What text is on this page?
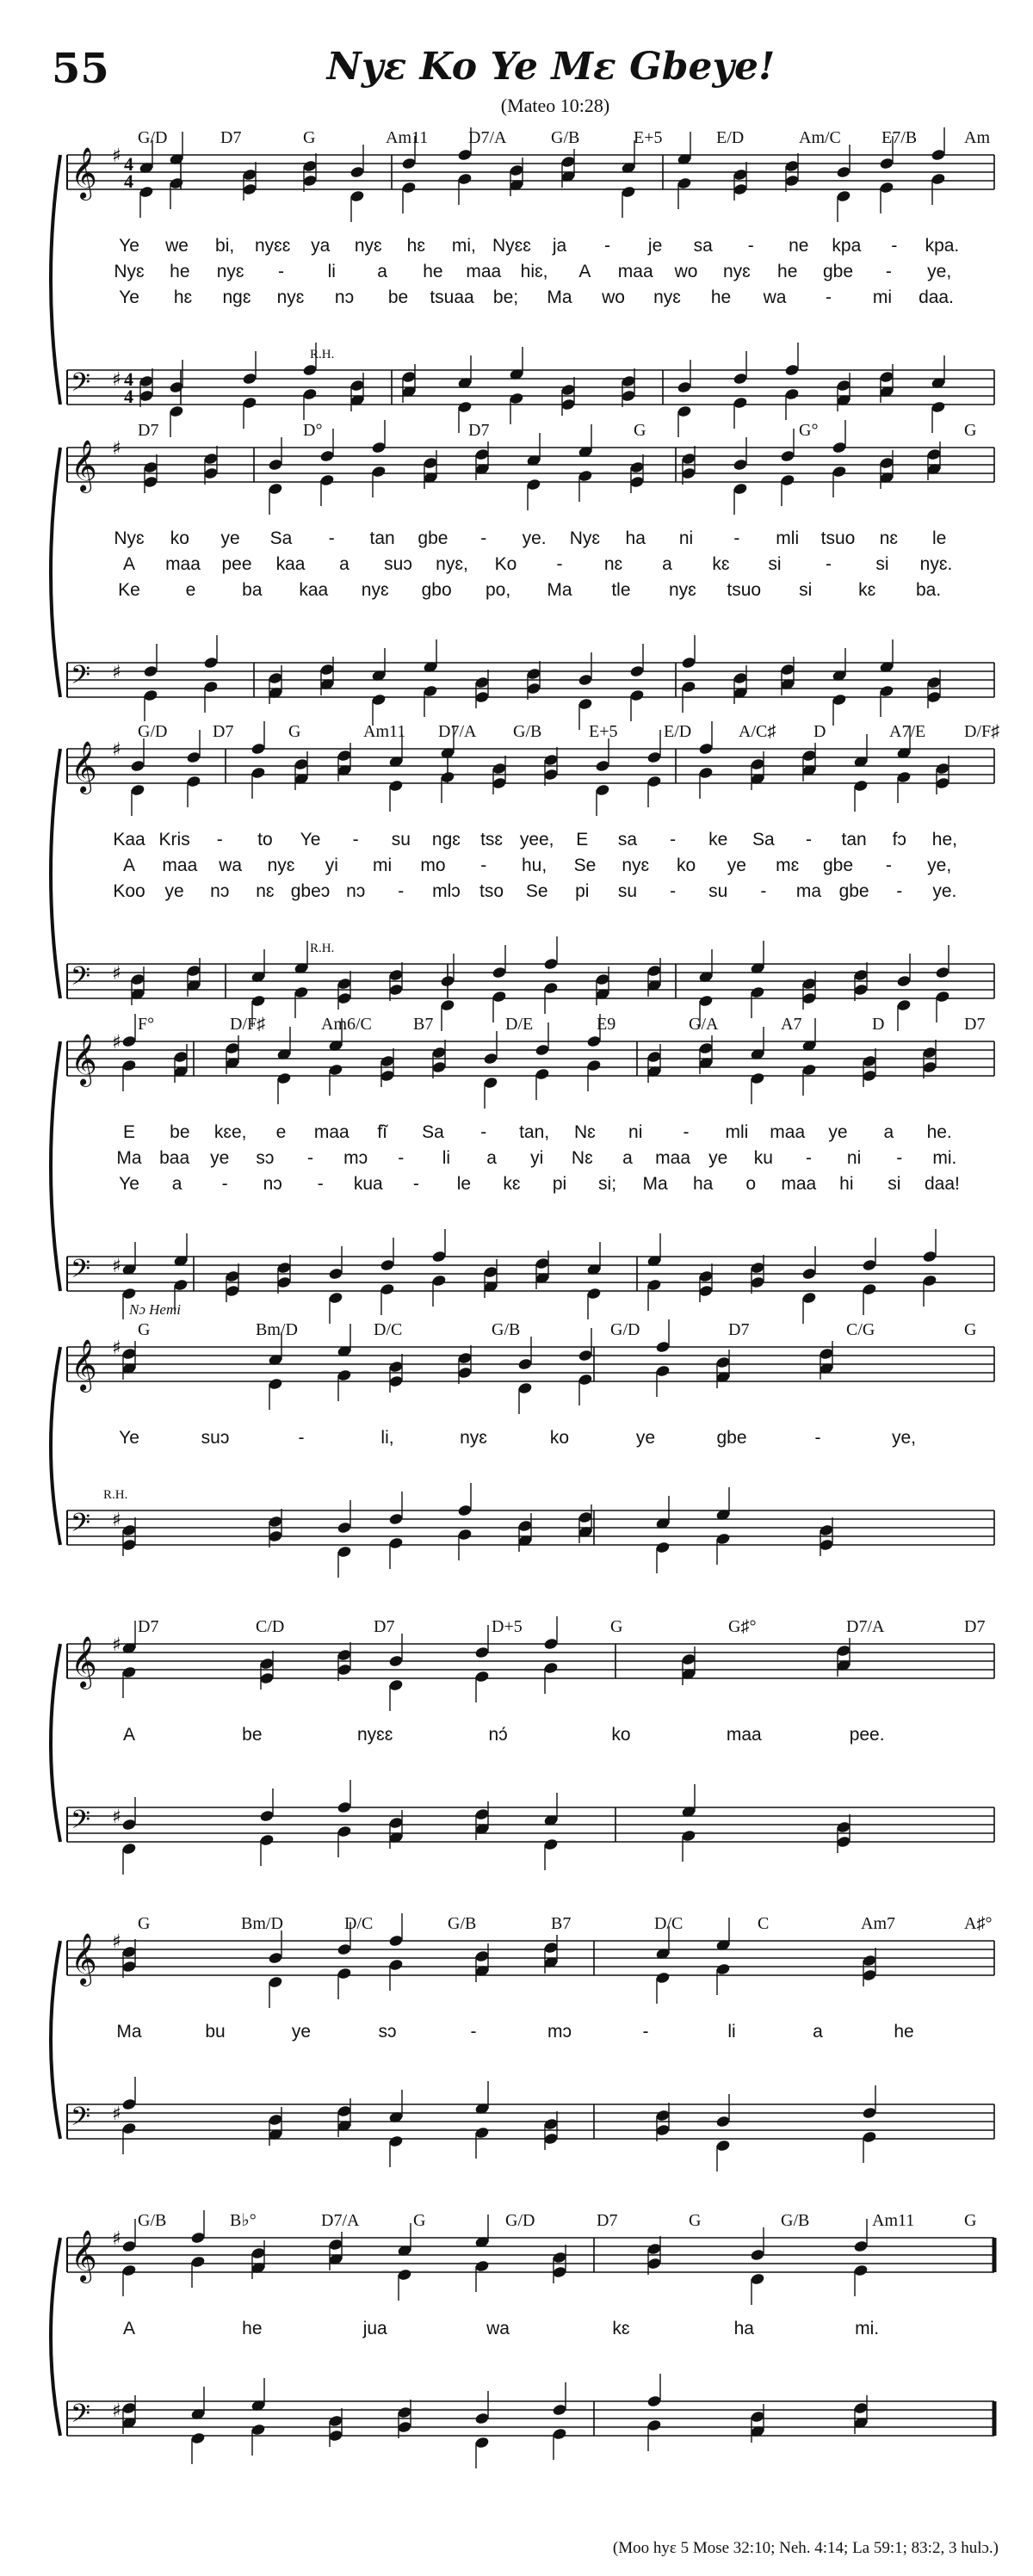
55	Nyɛ Ko Ye Mɛ Gbeye!
(Mateo 10:28)
G/D	D7	G	Am11 D7/A	G/B	E+5	E/D	Am/C E7/B	Am
𝄞 ♯ 4
4
4
4
Ye we bi, nyɛɛ ya nyɛ hɛ mi, Nyɛɛ ja - je sa - ne kpa - kpa.
Nyɛ he nyɛ - li a he maa hiɛ, A maa wo nyɛ he gbe - ye,
Ye hɛ ngɛ nyɛ nɔ be tsuaa be; Ma wo nyɛ he wa - mi daa.
𝄢 ♯
R.H.
D7	D°	D7	G	G°	G
𝄞 ♯
Nyɛ ko ye Sa - tan gbe - ye. Nyɛ ha ni - mli tsuo nɛ le
A maa pee kaa a suɔ nyɛ, Ko - nɛ a kɛ si - si nyɛ.
Ke	e	ba kaa nyɛ gbo po, Ma tle nyɛ tsuo si	kɛ ba.
𝄢 ♯
G/D	D7	G	Am11 D7/A G/B	E+5	E/D	A/C♯ D	A7/E D/F♯
𝄞 ♯
Kaa Kris - to Ye - su ngɛ tsɛ yee, E sa - ke Sa - tan fɔ he,
A maa wa nyɛ yi mi mo - hu, Se nyɛ ko ye mɛ gbe - ye,
Koo ye nɔ nɛ gbeɔ nɔ - mlɔ tso Se pi su - su - ma gbe - ye.
𝄢 ♯
R.H.
F°	D/F♯	Am6/C B7	D/E	E9	G/A	A7	D	D7
𝄞 ♯
E be kɛe, e maa fĩ Sa - tan, Nɛ ni - mli maa ye a he.
Ma baa ye sɔ - mɔ - li a yi Nɛ a maa ye ku - ni - mi.
Ye a - nɔ - kua - le kɛ pi si; Ma ha o maa hi si daa!
𝄢 ♯
G	Bm/D	D/C	G/B	G/D	D7	C/G	G
Nɔ Hemi
𝄞 ♯
Ye	suɔ	-	li,	nyɛ	ko	ye	gbe	-	ye,
𝄢 ♯
R.H.
D7	C/D	D7	D+5	G	G♯°	D7/A	D7
𝄞 ♯
A	be	nyɛɛ	nɔ́	ko	maa	pee.
𝄢 ♯
G	Bm/D	D/C	G/B	B7	D/C	C	Am7	A♯°
𝄞 ♯
Ma	bu	ye	sɔ	-	mɔ	-	li	a	he
𝄢 ♯
G/B	B♭°	D7/A	G	G/D	D7	G	G/B	Am11	G
𝄞 ♯
A	he	jua	wa	kɛ	ha	mi.
𝄢 ♯
(Moo hyɛ 5 Mose 32:10; Neh. 4:14; La 59:1; 83:2, 3 hulɔ.)
